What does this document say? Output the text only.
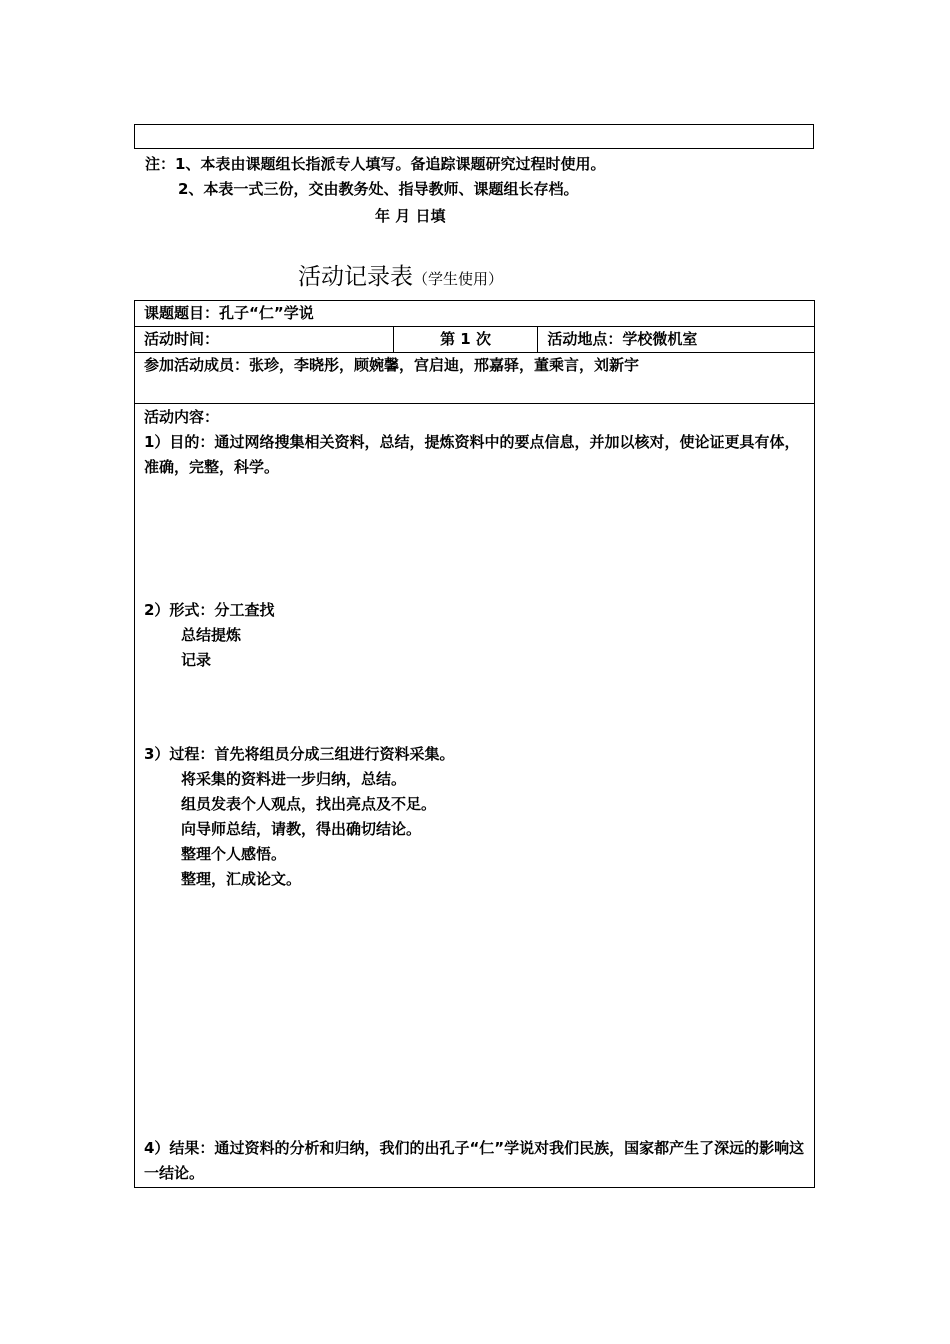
注：1、本表由课题组长指派专人填写。备追踪课题研究过程时使用。
2、本表一式三份，交由教务处、指导教师、课题组长存档。
年 月 日填
活动记录表（学生使用）
课题题目：孔子“仁”学说
活动时间：	第 1 次	活动地点：学校微机室
参加活动成员：张珍，李晓彤，顾婉馨，宫启迪，邢嘉驿，董乘言，刘新宇

活动内容：
1）目的：通过网络搜集相关资料，总结，提炼资料中的要点信息，并加以核对，使论证更具有体，准确，完整，科学。
2）形式：分工查找
总结提炼
记录
3）过程：首先将组员分成三组进行资料采集。
将采集的资料进一步归纳，总结。
组员发表个人观点，找出亮点及不足。
向导师总结，请教，得出确切结论。
整理个人感悟。
整理，汇成论文。
4）结果：通过资料的分析和归纳，我们的出孔子“仁”学说对我们民族，国家都产生了深远的影响这一结论。
